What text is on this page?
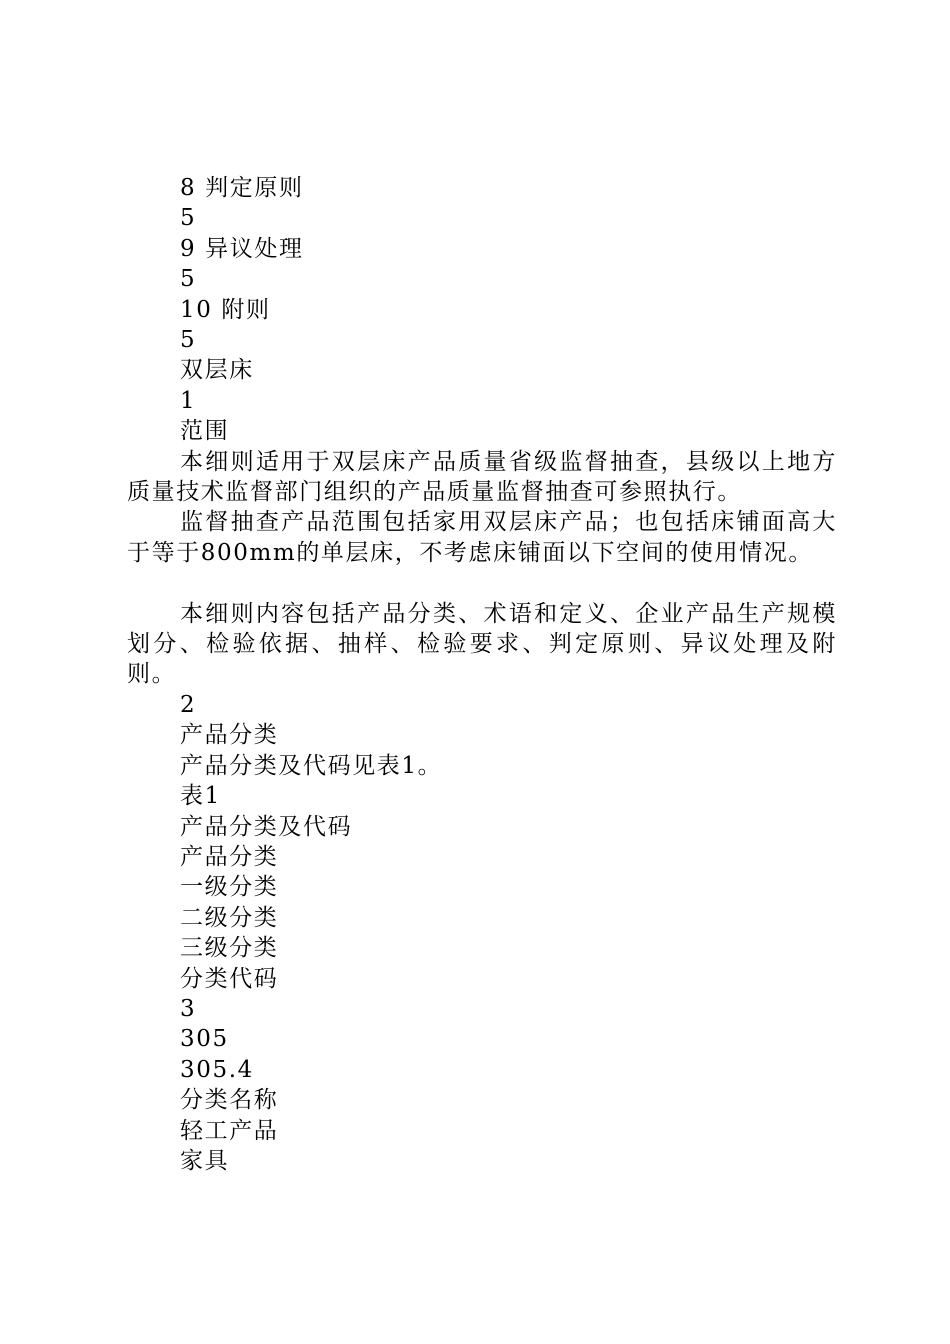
8 判定原则
5
9 异议处理
5
10 附则
5
双层床
1
范围
本细则适用于双层床产品质量省级监督抽查，县级以上地方质量技术监督部门组织的产品质量监督抽查可参照执行。
监督抽查产品范围包括家用双层床产品；也包括床铺面高大于等于800mm的单层床，不考虑床铺面以下空间的使用情况。
本细则内容包括产品分类、术语和定义、企业产品生产规模划分、检验依据、抽样、检验要求、判定原则、异议处理及附则。
2
产品分类
产品分类及代码见表1。
表1
产品分类及代码
产品分类
一级分类
二级分类
三级分类
分类代码
3
305
305.4
分类名称
轻工产品
家具
